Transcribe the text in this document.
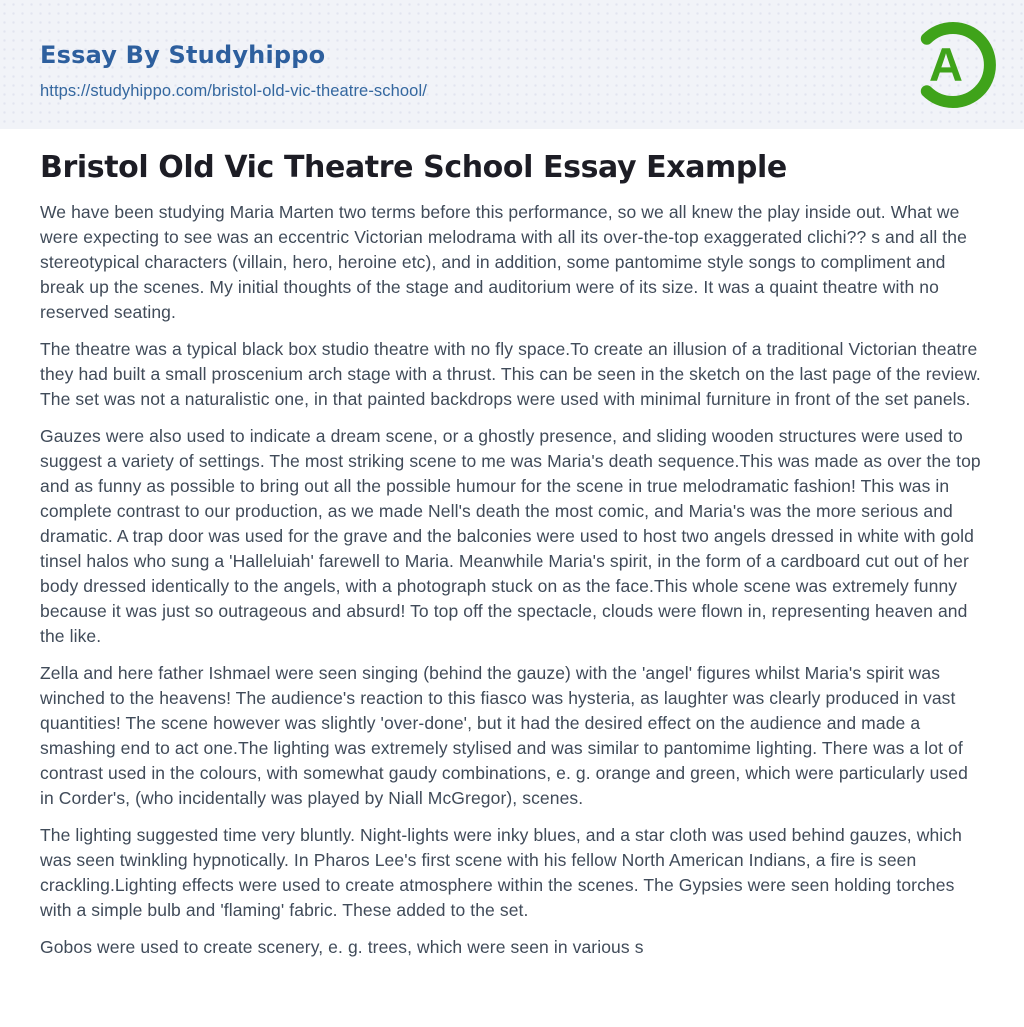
Essay By Studyhippo
https://studyhippo.com/bristol-old-vic-theatre-school/	A
Bristol Old Vic Theatre School Essay Example

We have been studying Maria Marten two terms before this performance, so we all knew the play inside out. What we were expecting to see was an eccentric Victorian melodrama with all its over-the-top exaggerated clichi?? s and all the stereotypical characters (villain, hero, heroine etc), and in addition, some pantomime style songs to compliment and break up the scenes. My initial thoughts of the stage and auditorium were of its size. It was a quaint theatre with no reserved seating.

The theatre was a typical black box studio theatre with no fly space.To create an illusion of a traditional Victorian theatre they had built a small proscenium arch stage with a thrust. This can be seen in the sketch on the last page of the review. The set was not a naturalistic one, in that painted backdrops were used with minimal furniture in front of the set panels.

Gauzes were also used to indicate a dream scene, or a ghostly presence, and sliding wooden structures were used to suggest a variety of settings. The most striking scene to me was Maria's death sequence.This was made as over the top and as funny as possible to bring out all the possible humour for the scene in true melodramatic fashion! This was in complete contrast to our production, as we made Nell's death the most comic, and Maria's was the more serious and dramatic. A trap door was used for the grave and the balconies were used to host two angels dressed in white with gold tinsel halos who sung a 'Halleluiah' farewell to Maria. Meanwhile Maria's spirit, in the form of a cardboard cut out of her body dressed identically to the angels, with a photograph stuck on as the face.This whole scene was extremely funny because it was just so outrageous and absurd! To top off the spectacle, clouds were flown in, representing heaven and the like.

Zella and here father Ishmael were seen singing (behind the gauze) with the 'angel' figures whilst Maria's spirit was winched to the heavens! The audience's reaction to this fiasco was hysteria, as laughter was clearly produced in vast quantities! The scene however was slightly 'over-done', but it had the desired effect on the audience and made a smashing end to act one.The lighting was extremely stylised and was similar to pantomime lighting. There was a lot of contrast used in the colours, with somewhat gaudy combinations, e. g. orange and green, which were particularly used in Corder's, (who incidentally was played by Niall McGregor), scenes.

The lighting suggested time very bluntly. Night-lights were inky blues, and a star cloth was used behind gauzes, which was seen twinkling hypnotically. In Pharos Lee's first scene with his fellow North American Indians, a fire is seen crackling.Lighting effects were used to create atmosphere within the scenes. The Gypsies were seen holding torches with a simple bulb and 'flaming' fabric. These added to the set.

Gobos were used to create scenery, e. g. trees, which were seen in various s
